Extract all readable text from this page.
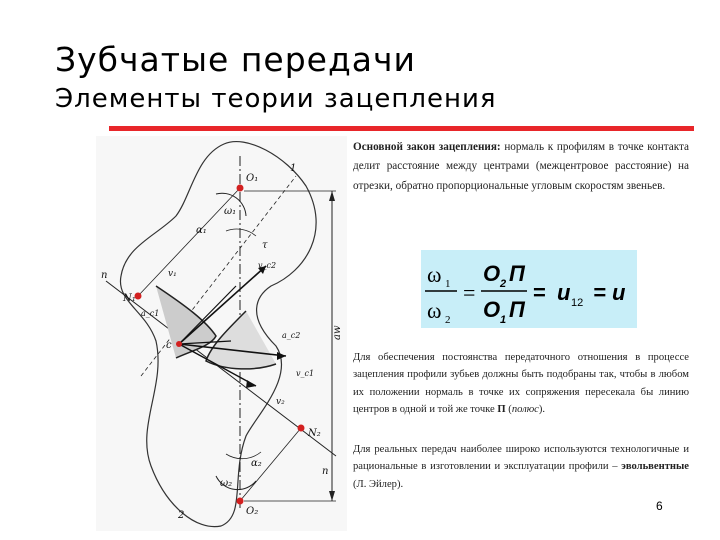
Зубчатые передачи
Элементы теории зацепления
O₁
O₂
ω₁
ω₂
α₁
α₂
n
n
N₁
N₂
aw
1
2
τ
c
a_c1
a_c2
v₁
v₂
v_c1
v_c2
Основной закон зацепления: нормаль к профилям в точке контакта делит расстояние между центрами (межцентровое расстояние) на отрезки, обратно пропорциональные угловым скоростям звеньев.
ω 1
ω 2
=
O 2 П
O 1 П
= u 12 = u
Для обеспечения постоянства передаточного отношения в процессе зацепления профили зубьев должны быть подобраны так, чтобы в любом их положении нормаль в точке их сопряжения пересекала бы линию центров в одной и той же точке П (полюс).
Для реальных передач наиболее широко используются технологичные и рациональные в изготовлении и эксплуатации профили – эвольвентные (Л. Эйлер).
6
